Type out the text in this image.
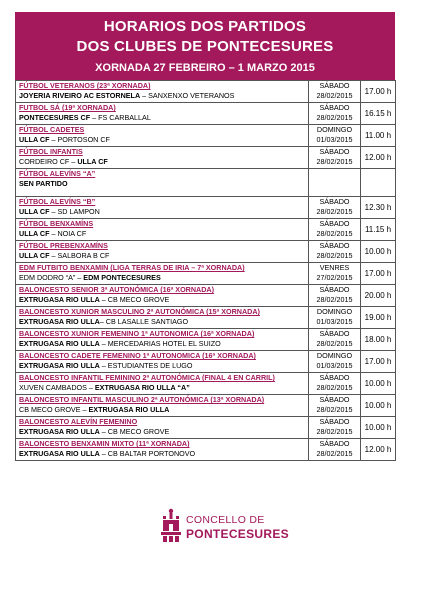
HORARIOS DOS PARTIDOS
DOS CLUBES DE PONTECESURES
XORNADA 27 FEBREIRO – 1 MARZO 2015
FÚTBOL VETERANOS (23ª XORNADA)
JOYERIA RIVEIRO AC ESTORNELA – SANXENXO VETERANOS	SÁBADO
28/02/2015	17.00 h

FUTBOL SÁ (19ª XORNADA)
PONTECESURES CF – FS CARBALLAL	SÁBADO
28/02/2015	16.15 h

FÚTBOL CADETES
ULLA CF – PORTOSON CF	DOMINGO
01/03/2015	11.00 h

FÚTBOL INFANTIS
CORDEIRO CF – ULLA CF	SÁBADO
28/02/2015	12.00 h

FÚTBOL ALEVÍNS “A”
SEN PARTIDO		

FÚTBOL ALEVÍNS “B”
ULLA CF – SD LAMPON	SÁBADO
28/02/2015	12.30 h

FÚTBOL BENXAMÍNS
ULLA CF – NOIA CF	SÁBADO
28/02/2015	11.15 h

FÚTBOL PREBENXAMÍNS
ULLA CF – SALBORA B CF	SÁBADO
28/02/2015	10.00 h

EDM FUTBITO BENXAMIN (LIGA TERRAS DE IRIA – 7ª XORNADA)
EDM DODRO “A” – EDM PONTECESURES	VENRES
27/02/2015	17.00 h

BALONCESTO SENIOR 3ª AUTONÓMICA (16ª XORNADA)
EXTRUGASA RIO ULLA – CB MECO GROVE	SÁBADO
28/02/2015	20.00 h

BALONCESTO XUNIOR MASCULINO 2ª AUTONÓMICA (15ª XORNADA)
EXTRUGASA RIO ULLA– CB LASALLE SANTIAGO	DOMINGO
01/03/2015	19.00 h

BALONCESTO XUNIOR FEMENINO 1ª AUTONOMICA (16ª XORNADA)
EXTRUGASA RIO ULLA – MERCEDARIAS HOTEL EL SUIZO	SÁBADO
28/02/2015	18.00 h

BALONCESTO CADETE FEMENINO 1ª AUTONOMICA (16ª XORNADA)
EXTRUGASA RIO ULLA – ESTUDIANTES DE LUGO	DOMINGO
01/03/2015	17.00 h

BALONCESTO INFANTIL FEMININO 2ª AUTONÓMICA (FINAL 4 EN CARRIL)
XUVEN CAMBADOS – EXTRUGASA RIO ULLA “A”	SÁBADO
28/02/2015	10.00 h

BALONCESTO INFANTIL MASCULINO 2ª AUTONÓMICA (13ª XORNADA)
CB MECO GROVE – EXTRUGASA RIO ULLA	SÁBADO
28/02/2015	10.00 h

BALONCESTO ALEVÍN FEMENINO
EXTRUGASA RIO ULLA – CB MECO GROVE	SÁBADO
28/02/2015	10.00 h

BALONCESTO BENXAMIN MIXTO (11ª XORNADA)
EXTRUGASA RIO ULLA – CB BALTAR PORTONOVO	SÁBADO
28/02/2015	12.00 h
CONCELLO DE
PONTECESURES
